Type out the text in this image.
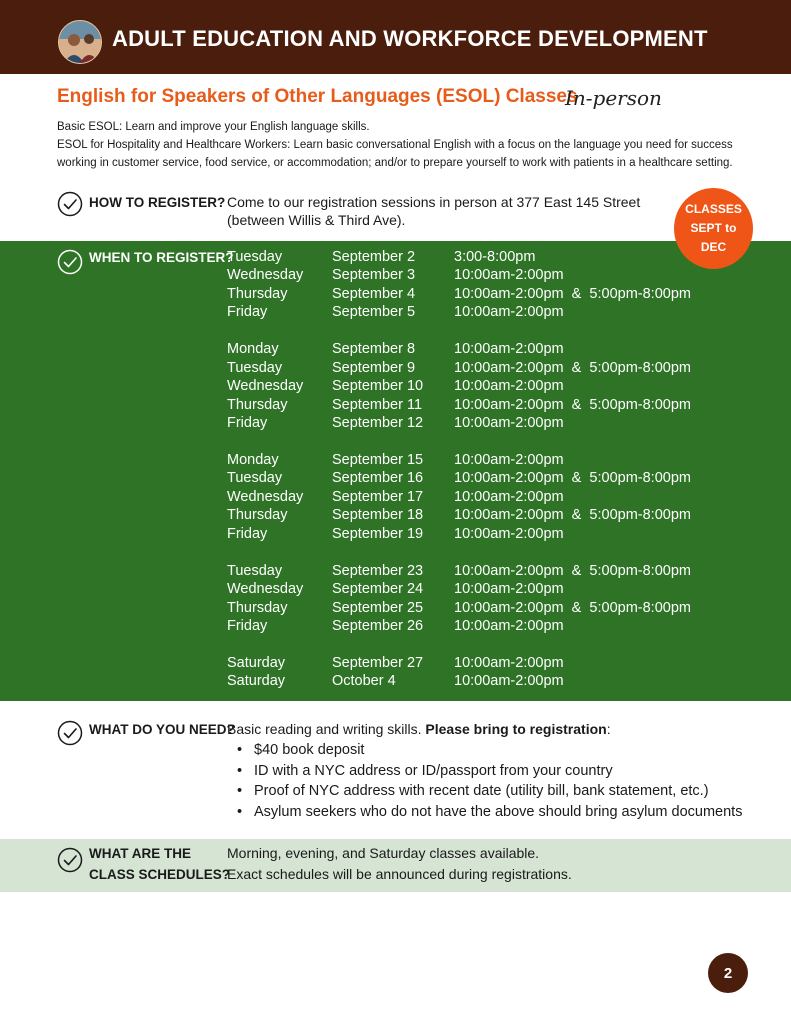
ADULT EDUCATION AND WORKFORCE DEVELOPMENT
English for Speakers of Other Languages (ESOL) Classes
In-person
Basic ESOL: Learn and improve your English language skills.
ESOL for Hospitality and Healthcare Workers: Learn basic conversational English with a focus on the language you need for success
working in customer service, food service, or accommodation; and/or to prepare yourself to work with patients in a healthcare setting.
HOW TO REGISTER? Come to our registration sessions in person at 377 East 145 Street
(between Willis & Third Ave).
WHEN TO REGISTER?
Tuesday	September 2	3:00-8:00pm
Wednesday September 3	10:00am-2:00pm
Thursday	September 4	10:00am-2:00pm  &  5:00pm-8:00pm
Friday	September 5	10:00am-2:00pm
Monday	September 8	10:00am-2:00pm
Tuesday	September 9	10:00am-2:00pm  &  5:00pm-8:00pm
Wednesday September 10 10:00am-2:00pm
Thursday	September 11 10:00am-2:00pm  &  5:00pm-8:00pm
Friday	September 12 10:00am-2:00pm
Monday	September 15 10:00am-2:00pm
Tuesday	September 16 10:00am-2:00pm  &  5:00pm-8:00pm
Wednesday September 17 10:00am-2:00pm
Thursday	September 18 10:00am-2:00pm  &  5:00pm-8:00pm
Friday	September 19 10:00am-2:00pm
Tuesday	September 23 10:00am-2:00pm  &  5:00pm-8:00pm
Wednesday September 24 10:00am-2:00pm
Thursday	September 25 10:00am-2:00pm  &  5:00pm-8:00pm
Friday	September 26 10:00am-2:00pm
Saturday	September 27 10:00am-2:00pm
Saturday	October 4	10:00am-2:00pm
CLASSES
SEPT to
DEC
WHAT DO YOU NEED?
Basic reading and writing skills. Please bring to registration:
• $40 book deposit
• ID with a NYC address or ID/passport from your country
• Proof of NYC address with recent date (utility bill, bank statement, etc.)
• Asylum seekers who do not have the above should bring asylum documents
WHAT ARE THE
CLASS SCHEDULES?
Morning, evening, and Saturday classes available.
Exact schedules will be announced during registrations.
2
